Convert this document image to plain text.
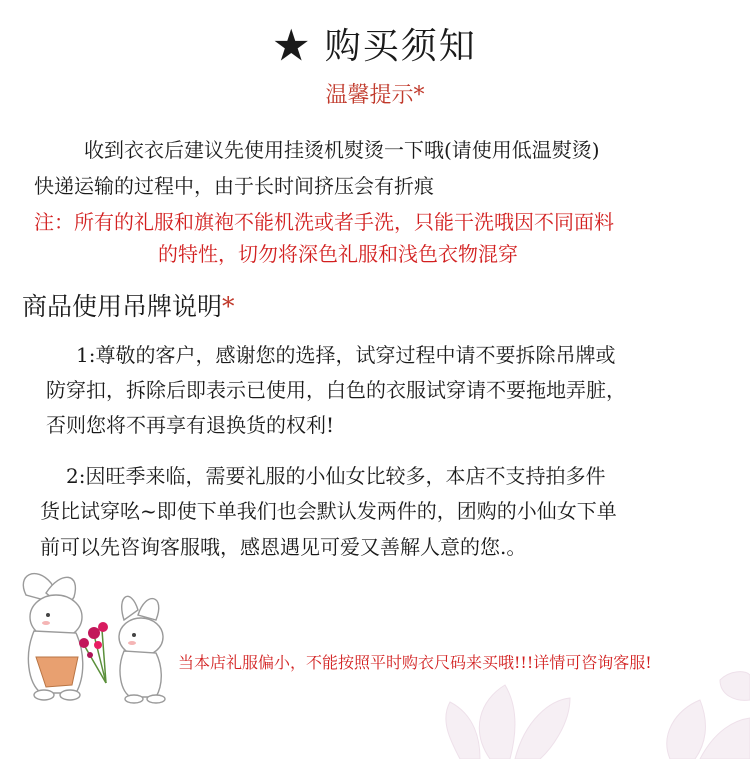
★ 购买须知
温馨提示*
收到衣衣后建议先使用挂烫机熨烫一下哦(请使用低温熨烫)
快递运输的过程中，由于长时间挤压会有折痕
注：所有的礼服和旗袍不能机洗或者手洗，只能干洗哦因不同面料
的特性，切勿将深色礼服和浅色衣物混穿
商品使用吊牌说明*
1:尊敬的客户，感谢您的选择，试穿过程中请不要拆除吊牌或
防穿扣，拆除后即表示已使用，白色的衣服试穿请不要拖地弄脏，
否则您将不再享有退换货的权利!
2:因旺季来临，需要礼服的小仙女比较多，本店不支持拍多件
货比试穿吆~即使下单我们也会默认发两件的，团购的小仙女下单
前可以先咨询客服哦，感恩遇见可爱又善解人意的您.。
当本店礼服偏小，不能按照平时购衣尺码来买哦!!!详情可咨询客服!
